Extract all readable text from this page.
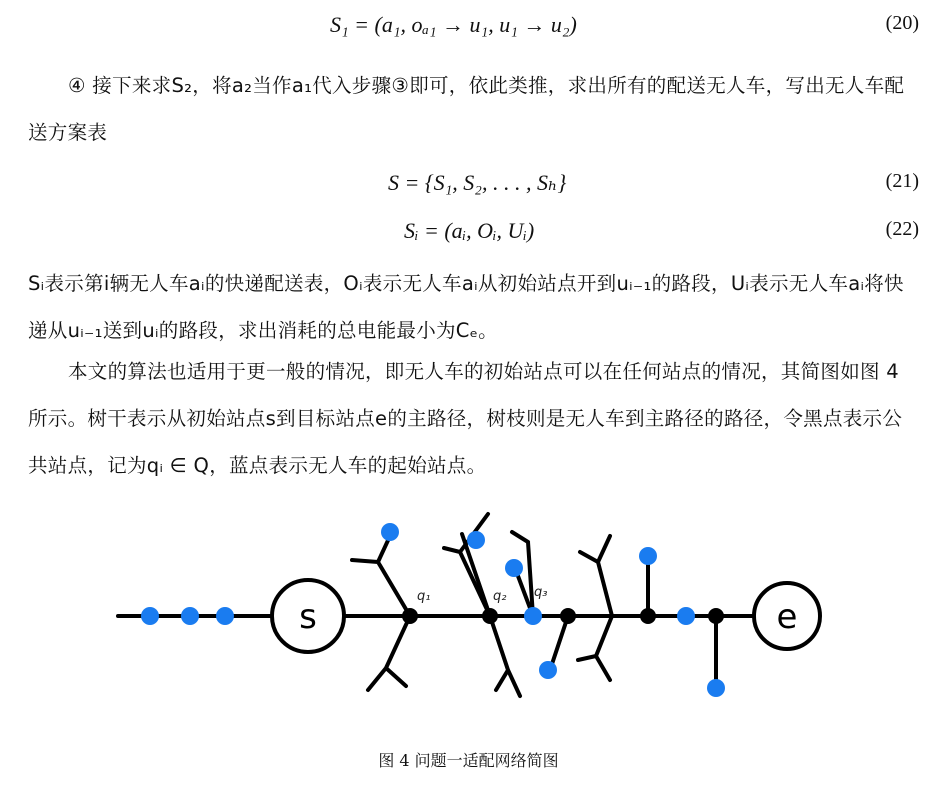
S₁ = (a₁, oₐ₁ → u₁, u₁ → u₂)	(20)
④ 接下来求S₂，将a₂当作a₁代入步骤③即可，依此类推，求出所有的配送无人车，写出无人车配送方案表
S = {S₁, S₂, . . . , Sₕ}	(21)
Sᵢ = (aᵢ, Oᵢ, Uᵢ)	(22)
Sᵢ表示第i辆无人车aᵢ的快递配送表，Oᵢ表示无人车aᵢ从初始站点开到uᵢ₋₁的路段，Uᵢ表示无人车aᵢ将快递从uᵢ₋₁送到uᵢ的路段，求出消耗的总电能最小为Cₑ。
本文的算法也适用于更一般的情况，即无人车的初始站点可以在任何站点的情况，其简图如图 4 所示。树干表示从初始站点s到目标站点e的主路径，树枝则是无人车到主路径的路径，令黑点表示公共站点，记为qᵢ ∈ Q，蓝点表示无人车的起始站点。
s	e
q₁	q₂ q₃
图 4 问题一适配网络简图
